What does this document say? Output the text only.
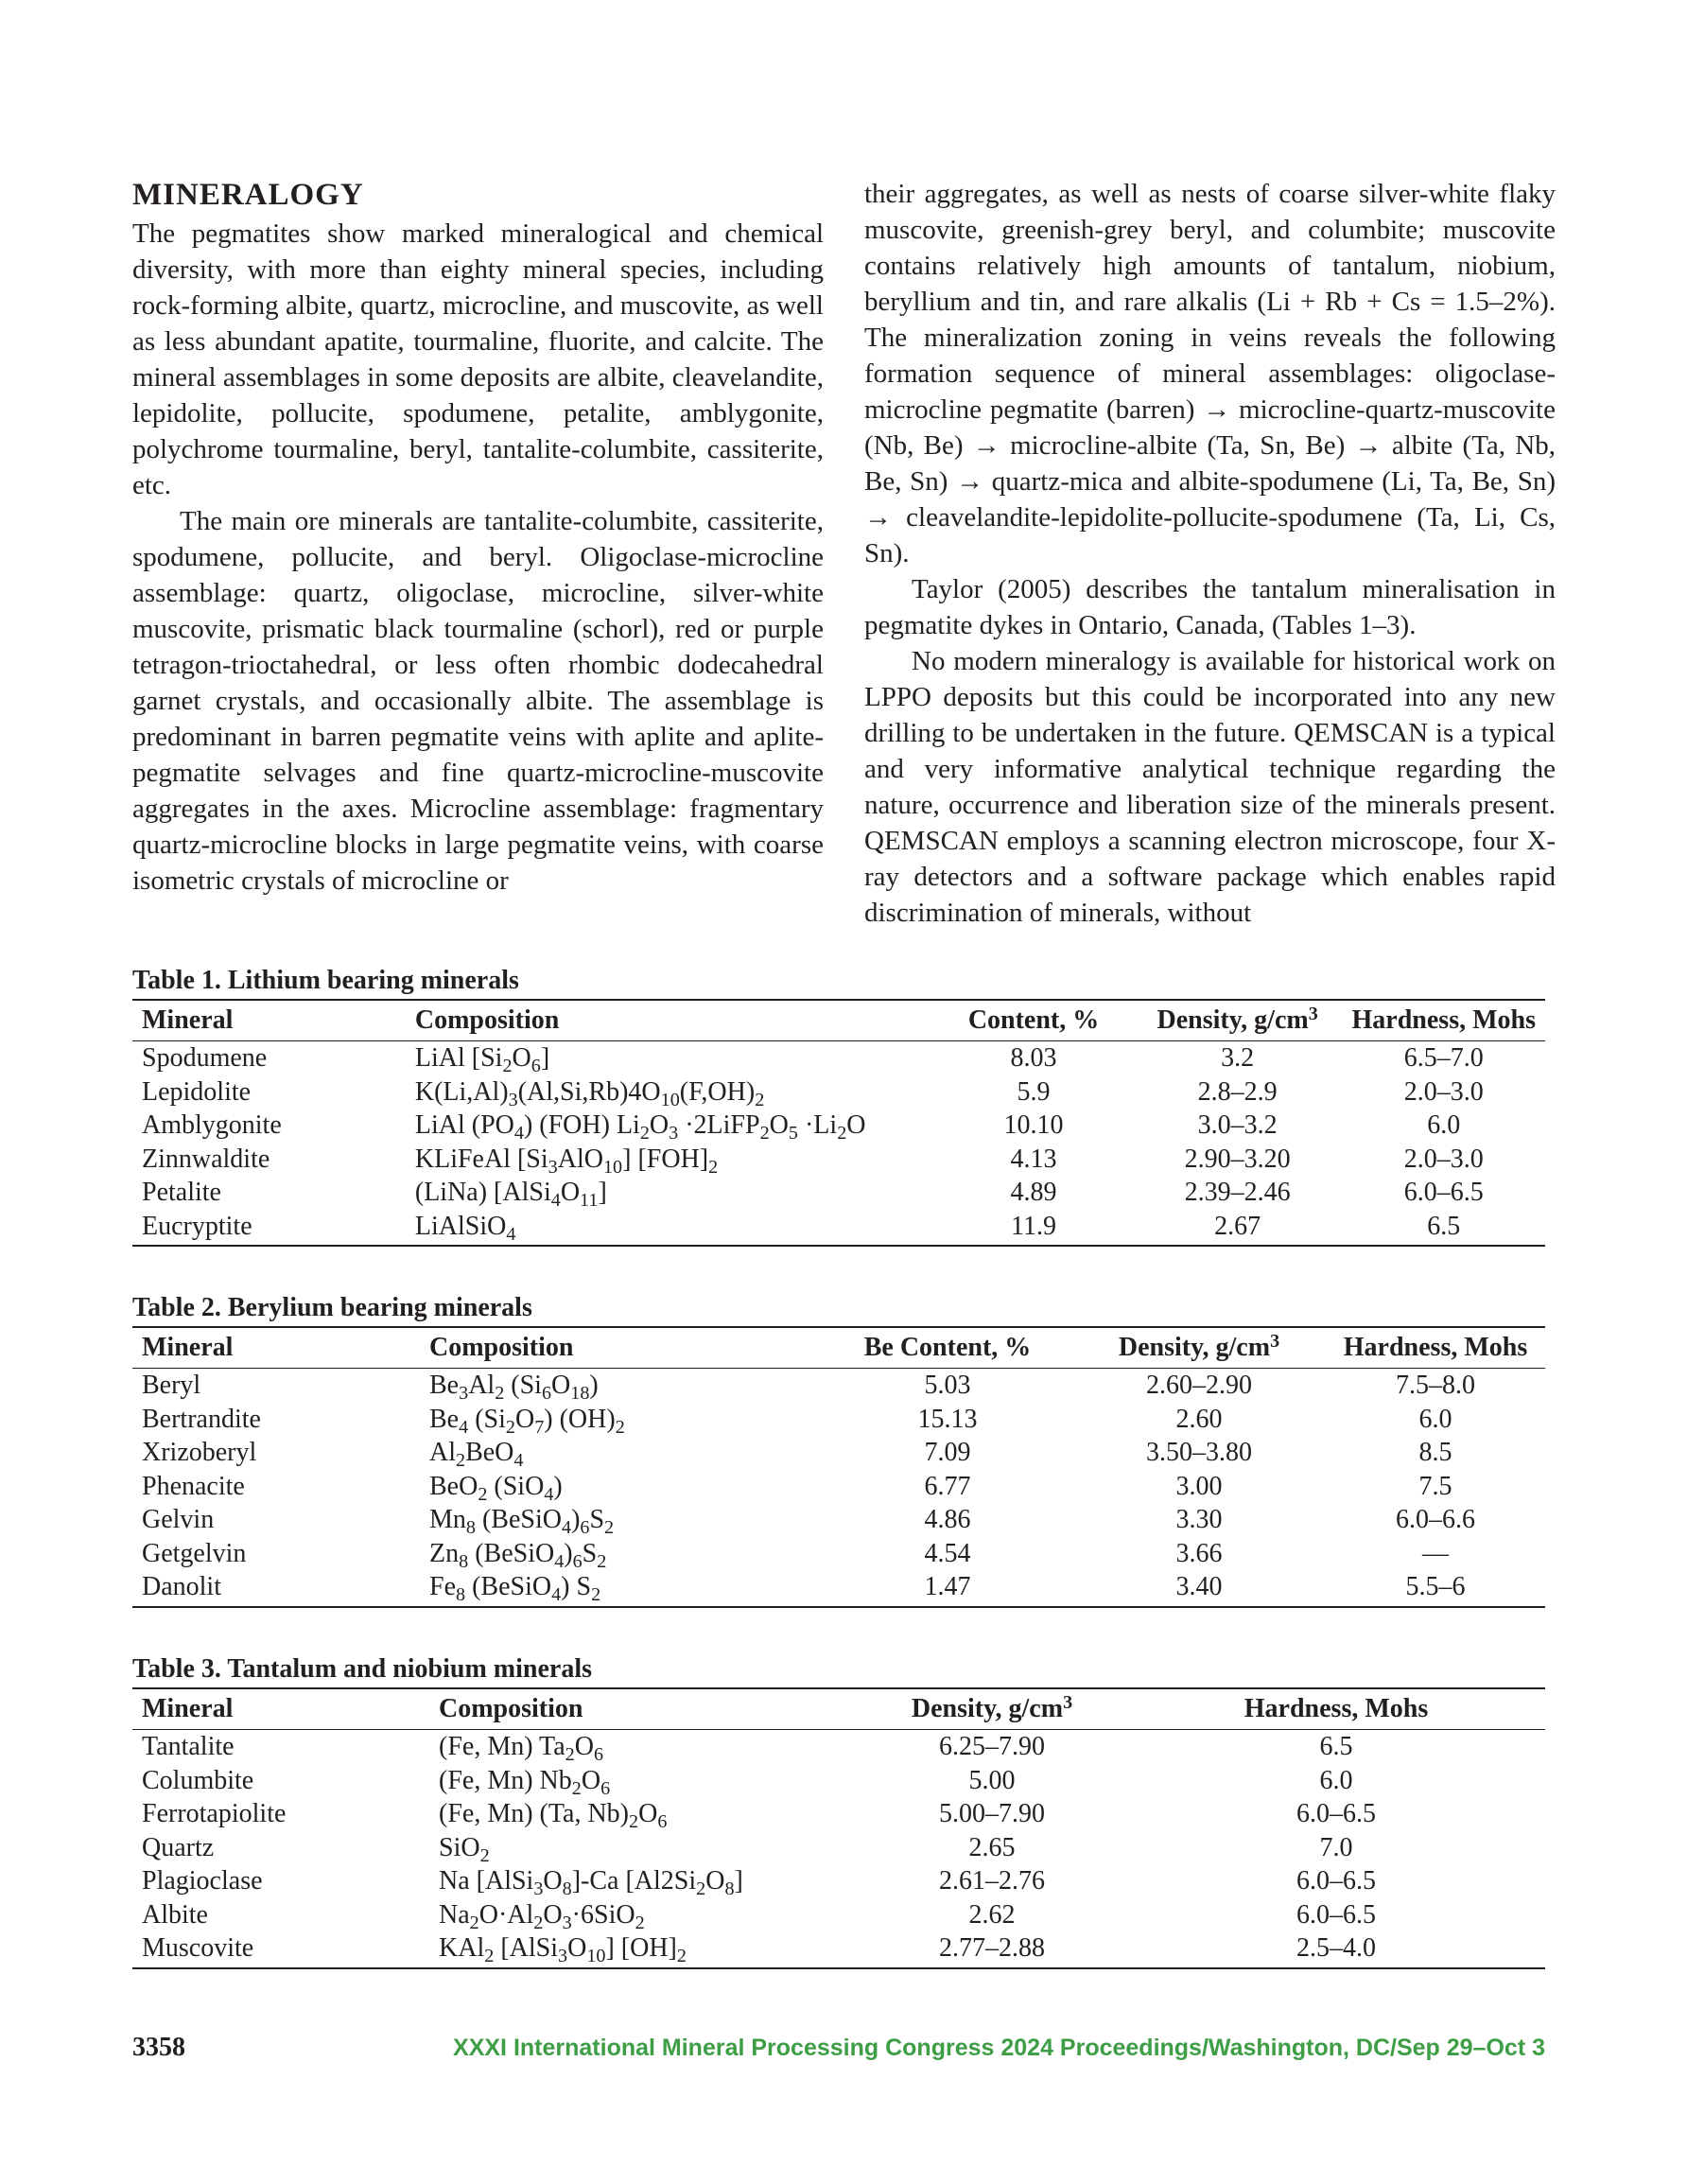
MINERALOGY

The pegmatites show marked mineralogical and chemical diversity, with more than eighty mineral species, including rock-forming albite, quartz, microcline, and muscovite, as well as less abundant apatite, tourmaline, fluorite, and calcite. The mineral assemblages in some deposits are albite, cleavelandite, lepidolite, pollucite, spodumene, petalite, amblygonite, polychrome tourmaline, beryl, tantalite-columbite, cassiterite, etc.

The main ore minerals are tantalite-columbite, cassiterite, spodumene, pollucite, and beryl. Oligoclase-microcline assemblage: quartz, oligoclase, microcline, silver-white muscovite, prismatic black tourmaline (schorl), red or purple tetragon-trioctahedral, or less often rhombic dodecahedral garnet crystals, and occasionally albite. The assemblage is predominant in barren pegmatite veins with aplite and aplite-pegmatite selvages and fine quartz-microcline-muscovite aggregates in the axes. Microcline assemblage: fragmentary quartz-microcline blocks in large pegmatite veins, with coarse isometric crystals of microcline or

their aggregates, as well as nests of coarse silver-white flaky muscovite, greenish-grey beryl, and columbite; muscovite contains relatively high amounts of tantalum, niobium, beryllium and tin, and rare alkalis (Li + Rb + Cs = 1.5–2%). The mineralization zoning in veins reveals the following formation sequence of mineral assemblages: oligoclase-microcline pegmatite (barren) → microcline-quartz-muscovite (Nb, Be) → microcline-albite (Ta, Sn, Be) → albite (Ta, Nb, Be, Sn) → quartz-mica and albite-spodumene (Li, Ta, Be, Sn) → cleavelandite-lepidolite-pollucite-spodumene (Ta, Li, Cs, Sn).

Taylor (2005) describes the tantalum mineralisation in pegmatite dykes in Ontario, Canada, (Tables 1–3).

No modern mineralogy is available for historical work on LPPO deposits but this could be incorporated into any new drilling to be undertaken in the future. QEMSCAN is a typical and very informative analytical technique regarding the nature, occurrence and liberation size of the minerals present. QEMSCAN employs a scanning electron microscope, four X-ray detectors and a software package which enables rapid discrimination of minerals, without

Table 1. Lithium bearing minerals
Mineral	Composition	Content, %	Density, $g/cm^3$	Hardness, Mohs
Spodumene	LiAl $[Si_2O_6]$	8.03	3.2	6.5–7.0
Lepidolite	$K(Li,Al)_3(Al,Si,Rb)4O_{10}(F,OH)_2$	5.9	2.8–2.9	2.0–3.0
Amblygonite	LiAl $(PO_4)$ (FOH) $Li_2O_3$ $\cdot 2LiFP_2O_5 \cdot Li_2O$	10.10	3.0–3.2	6.0
Zinnwaldite	KLiFeAl $[Si_3AlO_{10}]$ $[FOH]_2$	4.13	2.90–3.20	2.0–3.0
Petalite	(LiNa) $[AlSi_4O_{11}]$	4.89	2.39–2.46	6.0–6.5
Eucryptite	LiAlSiO$_4$	11.9	2.67	6.5
Table 2. Berylium bearing minerals
Mineral	Composition	Be Content, %	Density, $g/cm^3$	Hardness, Mohs
Beryl	$Be_3Al_2$ $(Si_6O_{18})$	5.03	2.60–2.90	7.5–8.0
Bertrandite	$Be_4$ $(Si_2O_7)$ $(OH)_2$	15.13	2.60	6.0
Xrizoberyl	$Al_2BeO_4$	7.09	3.50–3.80	8.5
Phenacite	BeO$_2$ (SiO$_4$)	6.77	3.00	7.5
Gelvin	$Mn_8$ $(BeSiO_4)_6S_2$	4.86	3.30	6.0–6.6
Getgelvin	$Zn_8$ $(BeSiO_4)_6S_2$	4.54	3.66	—
Danolit	$Fe_8$ (BeSiO$_4$) $S_2$	1.47	3.40	5.5–6
Table 3. Tantalum and niobium minerals
Mineral	Composition	Density, $g/cm^3$	Hardness, Mohs
Tantalite	(Fe, Mn) $Ta_2O_6$	6.25–7.90	6.5
Columbite	(Fe, Mn) $Nb_2O_6$	5.00	6.0
Ferrotapiolite	(Fe, Mn) (Ta, $Nb)_2O_6$	5.00–7.90	6.0–6.5
Quartz	SiO$_2$	2.65	7.0
Plagioclase	Na $[AlSi_3O_8]-Ca$ $[Al2Si_2O_8]$	2.61–2.76	6.0–6.5
Albite	$Na_2O\cdot Al_2O_3\cdot 6SiO_2$	2.62	6.0–6.5
Muscovite	KAl$_2$ $[AlSi_3O_{10}]$ $[OH]_2$	2.77–2.88	2.5–4.0
3358	XXXI International Mineral Processing Congress 2024 Proceedings/Washington, DC/Sep 29–Oct 3
